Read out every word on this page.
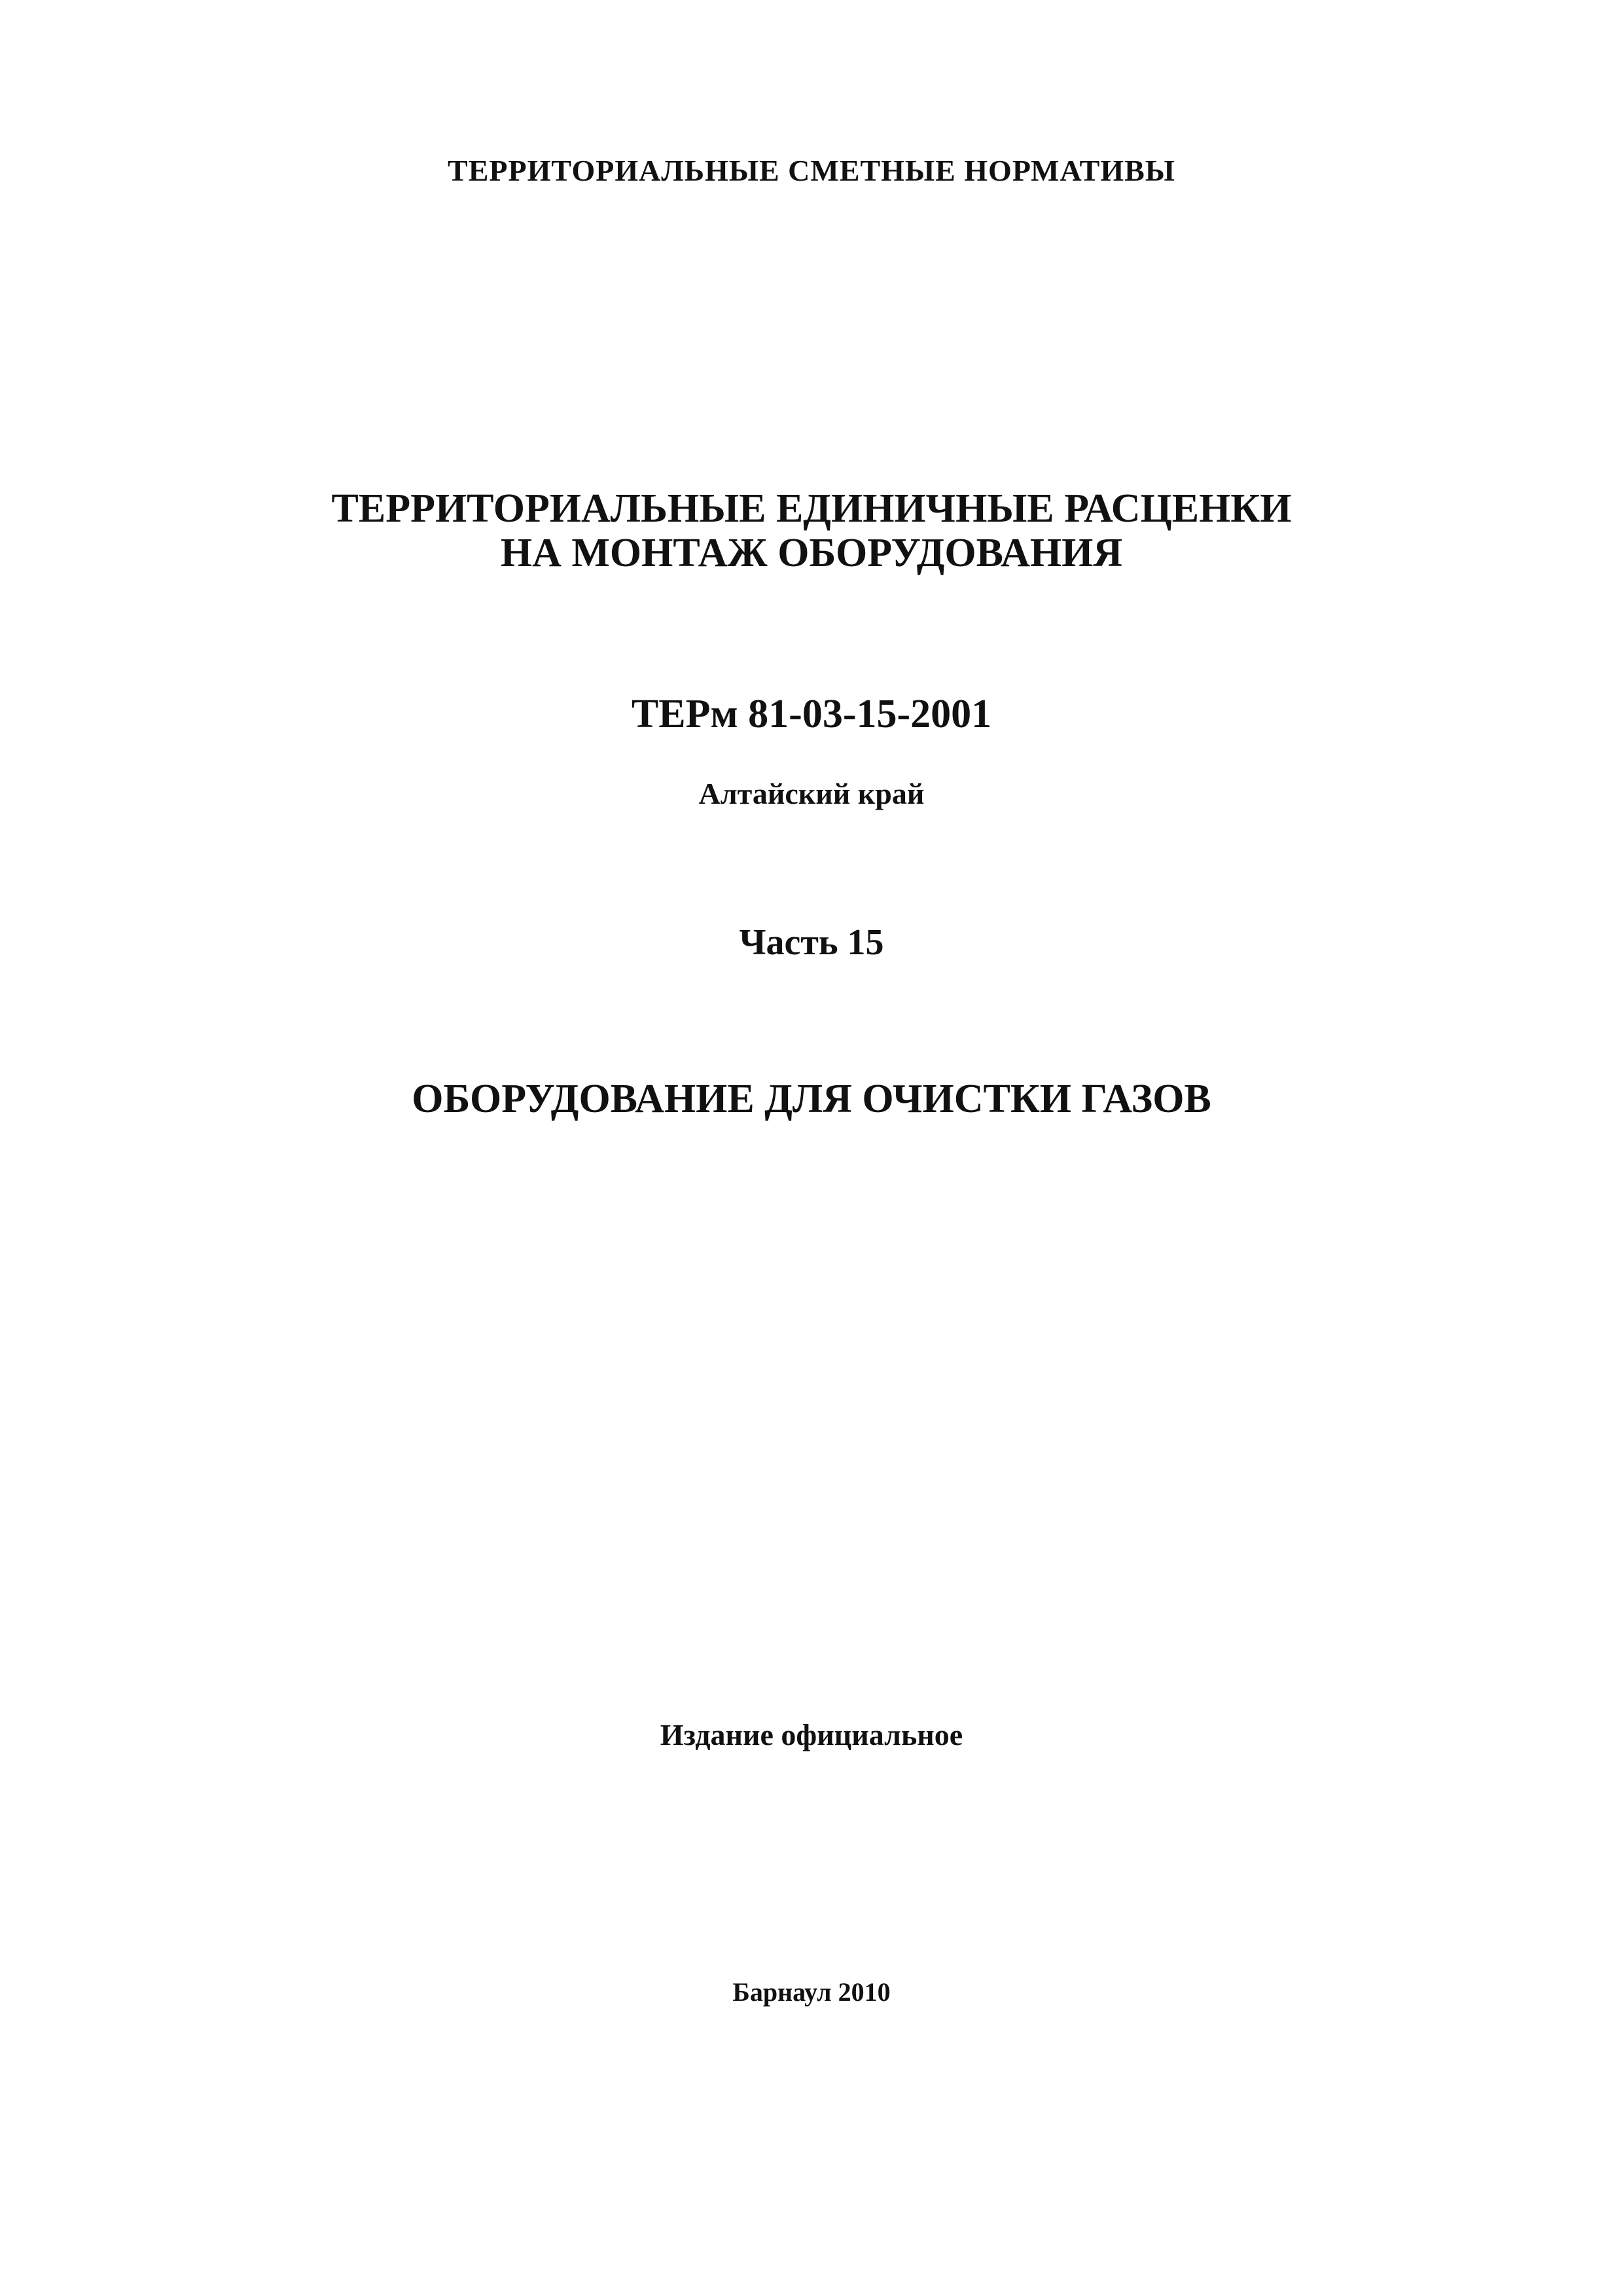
ТЕРРИТОРИАЛЬНЫЕ СМЕТНЫЕ НОРМАТИВЫ
ТЕРРИТОРИАЛЬНЫЕ ЕДИНИЧНЫЕ РАСЦЕНКИ
НА МОНТАЖ ОБОРУДОВАНИЯ
ТЕРм 81-03-15-2001
Алтайский край
Часть 15
ОБОРУДОВАНИЕ ДЛЯ ОЧИСТКИ ГАЗОВ
Издание официальное
Барнаул 2010
